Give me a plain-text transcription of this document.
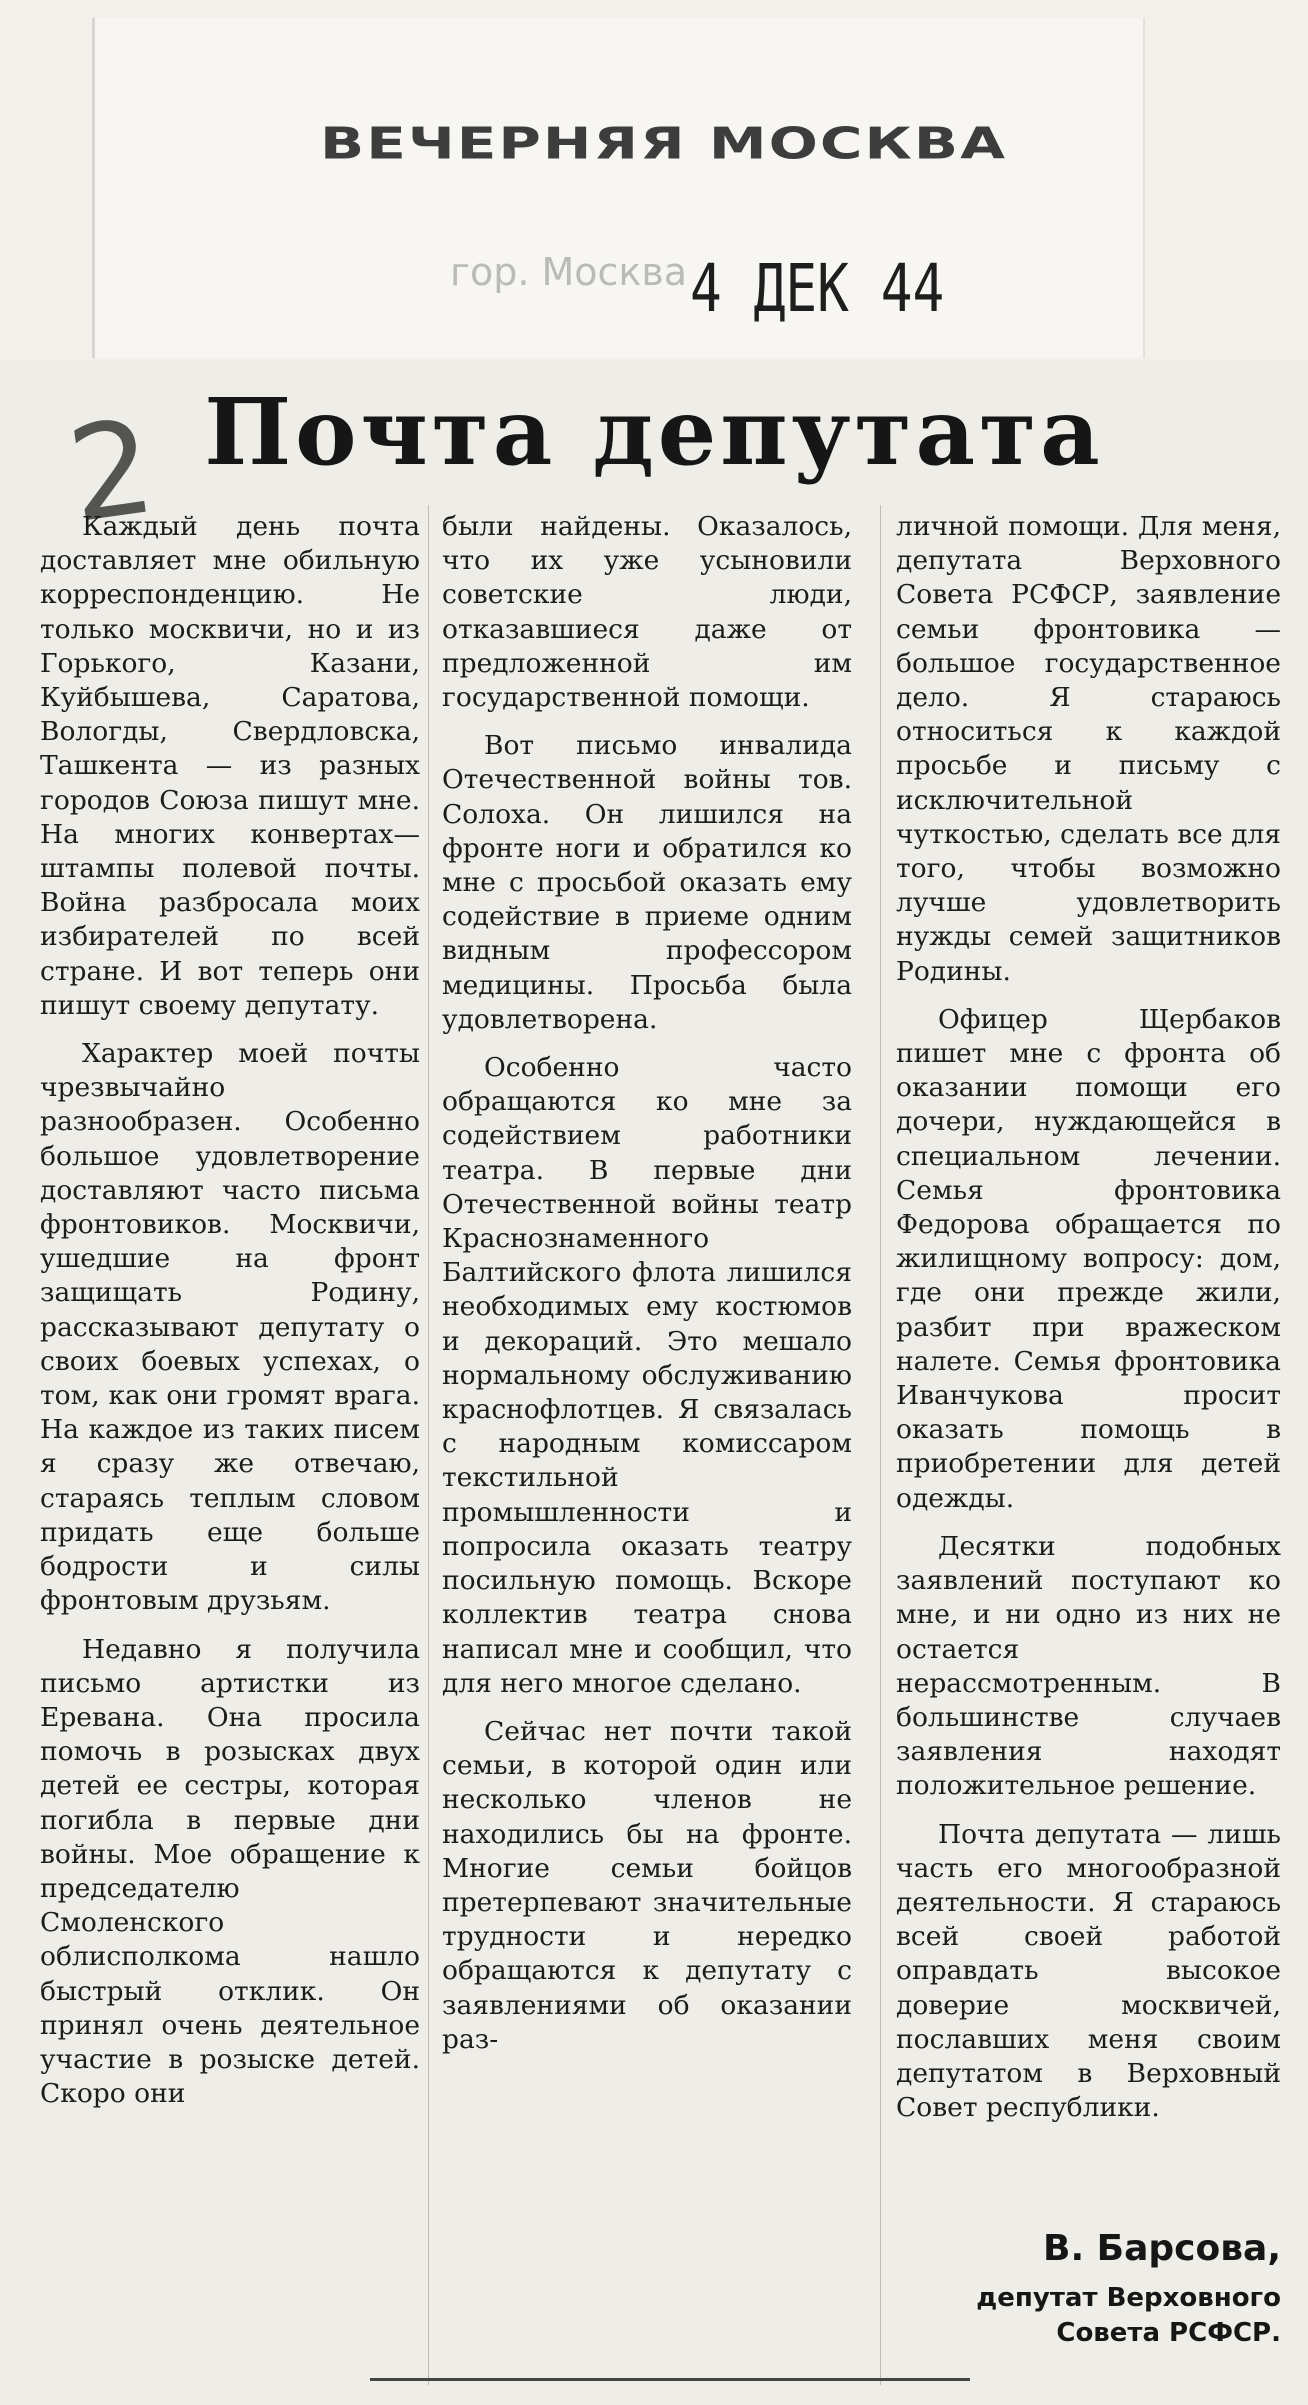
ВЕЧЕРНЯЯ МОСКВА
гор. Москва 4 ДЕК 44
2 Почта депутата

Каждый день почта доставляет мне обильную корреспонденцию. Не только москвичи, но и из Горького, Казани, Куйбышева, Саратова, Вологды, Свердловска, Ташкента — из разных городов Союза пишут мне. На многих конвертах—штампы полевой почты. Война разбросала моих избирателей по всей стране. И вот теперь они пишут своему депутату.

Характер моей почты чрезвычайно разнообразен. Особенно большое удовлетворение доставляют часто письма фронтовиков. Москвичи, ушедшие на фронт защищать Родину, рассказывают депутату о своих боевых успехах, о том, как они громят врага. На каждое из таких писем я сразу же отвечаю, стараясь теплым словом придать еще больше бодрости и силы фронтовым друзьям.

Недавно я получила письмо артистки из Еревана. Она просила помочь в розысках двух детей ее сестры, которая погибла в первые дни войны. Мое обращение к председателю Смоленского облисполкома нашло быстрый отклик. Он принял очень деятельное участие в розыске детей. Скоро они

были найдены. Оказалось, что их уже усыновили советские люди, отказавшиеся даже от предложенной им государственной помощи.

Вот письмо инвалида Отечественной войны тов. Солоха. Он лишился на фронте ноги и обратился ко мне с просьбой оказать ему содействие в приеме одним видным профессором медицины. Просьба была удовлетворена.

Особенно часто обращаются ко мне за содействием работники театра. В первые дни Отечественной войны театр Краснознаменного Балтийского флота лишился необходимых ему костюмов и декораций. Это мешало нормальному обслуживанию краснофлотцев. Я связалась с народным комиссаром текстильной промышленности и попросила оказать театру посильную помощь. Вскоре коллектив театра снова написал мне и сообщил, что для него многое сделано.

Сейчас нет почти такой семьи, в которой один или несколько членов не находились бы на фронте. Многие семьи бойцов претерпевают значительные трудности и нередко обращаются к депутату с заявлениями об оказании раз-

личной помощи. Для меня, депутата Верховного Совета РСФСР, заявление семьи фронтовика — большое государственное дело. Я стараюсь относиться к каждой просьбе и письму с исключительной чуткостью, сделать все для того, чтобы возможно лучше удовлетворить нужды семей защитников Родины.

Офицер Щербаков пишет мне с фронта об оказании помощи его дочери, нуждающейся в специальном лечении. Семья фронтовика Федорова обращается по жилищному вопросу: дом, где они прежде жили, разбит при вражеском налете. Семья фронтовика Иванчукова просит оказать помощь в приобретении для детей одежды.

Десятки подобных заявлений поступают ко мне, и ни одно из них не остается нерассмотренным. В большинстве случаев заявления находят положительное решение.

Почта депутата — лишь часть его многообразной деятельности. Я стараюсь всей своей работой оправдать высокое доверие москвичей, пославших меня своим депутатом в Верховный Совет республики.

В. Барсова,
депутат Верховного
Совета РСФСР.
